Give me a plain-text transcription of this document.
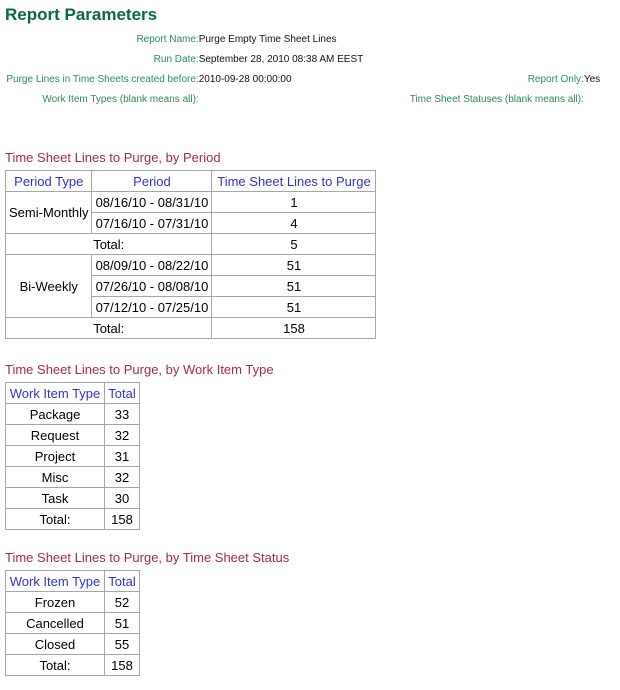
Report Parameters
Report Name:	Purge Empty Time Sheet Lines		
Run Date:	September 28, 2010 08:38 AM EEST		
Purge Lines in Time Sheets created before:	2010-09-28 00:00:00	Report Only:	Yes
Work Item Types (blank means all):		Time Sheet Statuses (blank means all):	
Time Sheet Lines to Purge, by Period
Period Type	Period	Time Sheet Lines to Purge
Semi-Monthly	08/16/10 - 08/31/10	1
	07/16/10 - 07/31/10	4
Total:		5
Bi-Weekly	08/09/10 - 08/22/10	51
	07/26/10 - 08/08/10	51
	07/12/10 - 07/25/10	51
Total:		158
Time Sheet Lines to Purge, by Work Item Type
Work Item Type	Total
Package	33
Request	32
Project	31
Misc	32
Task	30
Total:	158
Time Sheet Lines to Purge, by Time Sheet Status
Work Item Type	Total
Frozen	52
Cancelled	51
Closed	55
Total:	158
